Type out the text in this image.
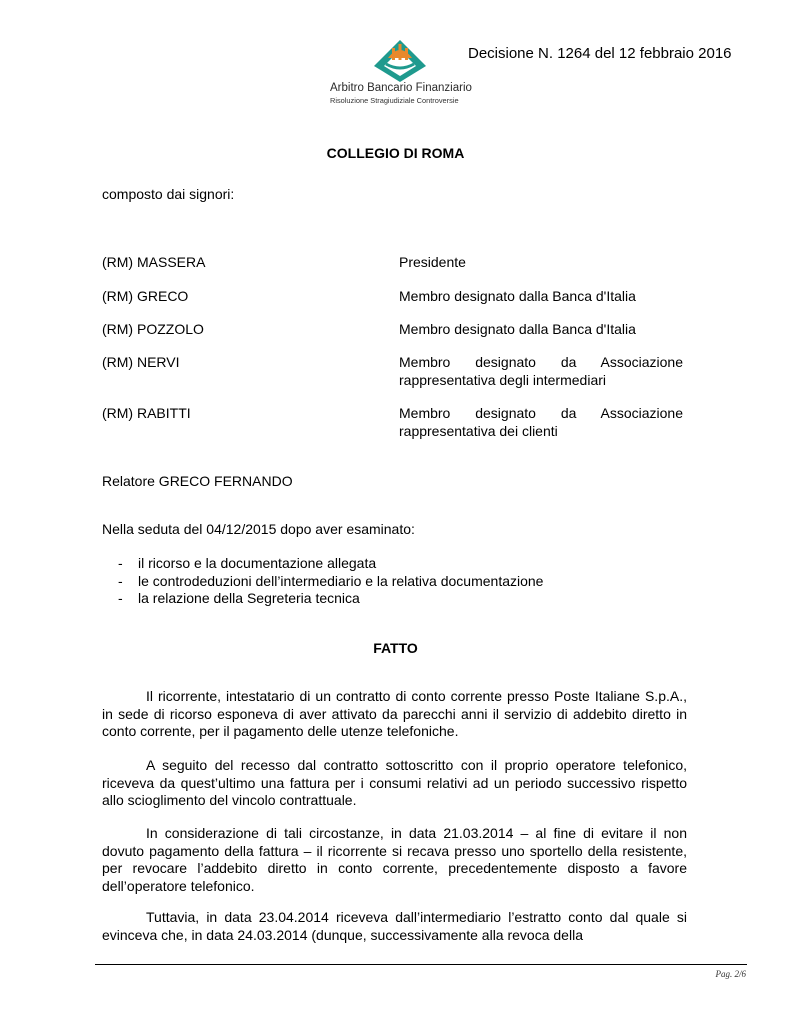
Arbitro Bancario Finanziario
Risoluzione Stragiudiziale Controversie
Decisione N. 1264 del 12 febbraio 2016
COLLEGIO DI ROMA
composto dai signori:
(RM) MASSERA	Presidente
(RM) GRECO	Membro designato dalla Banca d'Italia
(RM) POZZOLO	Membro designato dalla Banca d'Italia
(RM) NERVI	Membro designato da Associazione
rappresentativa degli intermediari
(RM) RABITTI	Membro designato da Associazione
rappresentativa dei clienti
Relatore GRECO FERNANDO
Nella seduta del 04/12/2015 dopo aver esaminato:
- il ricorso e la documentazione allegata
- le controdeduzioni dell’intermediario e la relativa documentazione
- la relazione della Segreteria tecnica
FATTO

Il ricorrente, intestatario di un contratto di conto corrente presso Poste Italiane S.p.A., in sede di ricorso esponeva di aver attivato da parecchi anni il servizio di addebito diretto in conto corrente, per il pagamento delle utenze telefoniche.

A seguito del recesso dal contratto sottoscritto con il proprio operatore telefonico, riceveva da quest’ultimo una fattura per i consumi relativi ad un periodo successivo rispetto allo scioglimento del vincolo contrattuale.

In considerazione di tali circostanze, in data 21.03.2014 – al fine di evitare il non dovuto pagamento della fattura – il ricorrente si recava presso uno sportello della resistente, per revocare l’addebito diretto in conto corrente, precedentemente disposto a favore dell’operatore telefonico.

Tuttavia, in data 23.04.2014 riceveva dall’intermediario l’estratto conto dal quale si evinceva che, in data 24.03.2014 (dunque, successivamente alla revoca della

Pag. 2/6
